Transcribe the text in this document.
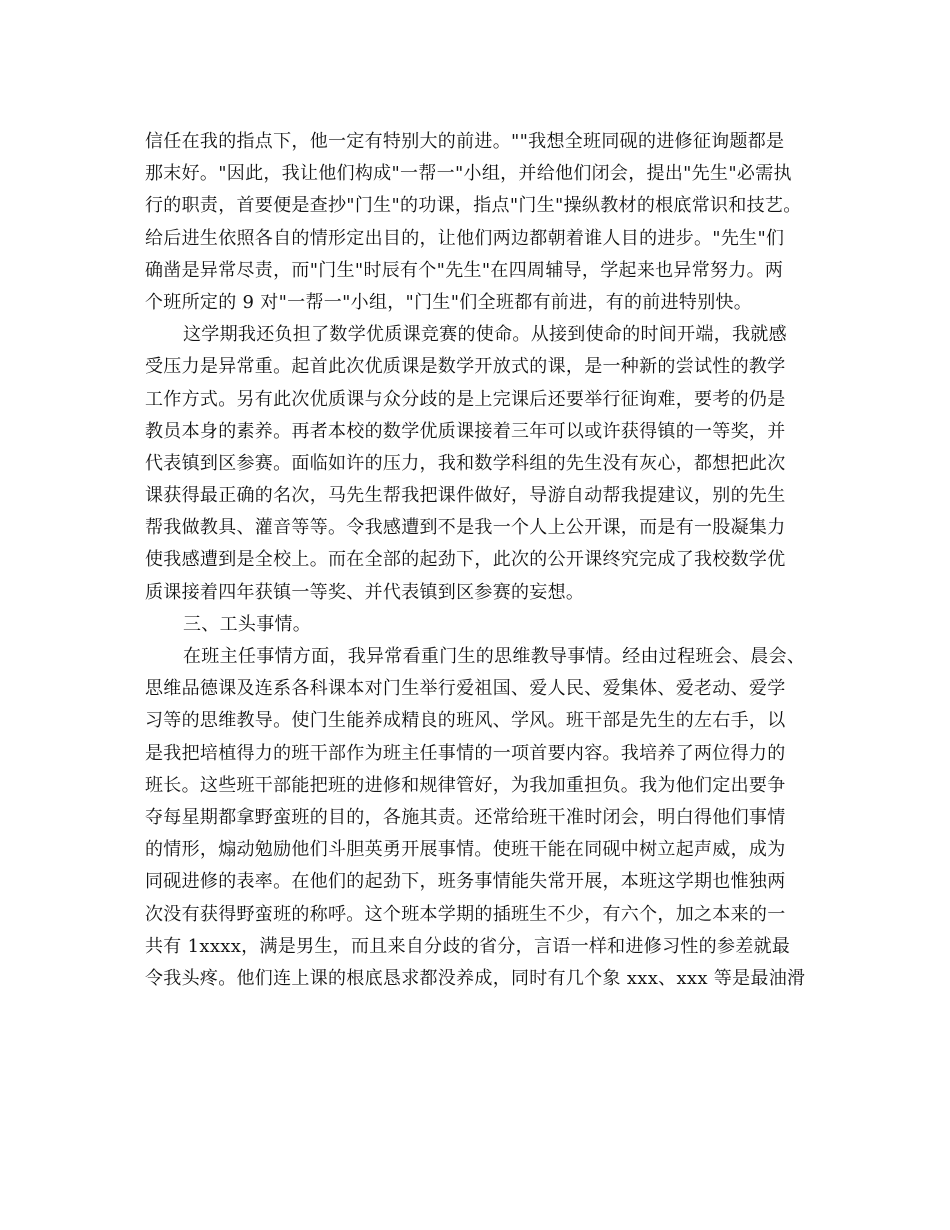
信任在我的指点下，他一定有特别大的前进。""我想全班同砚的进修征询题都是
那末好。"因此，我让他们构成"一帮一"小组，并给他们闭会，提出"先生"必需执
行的职责，首要便是查抄"门生"的功课，指点"门生"操纵教材的根底常识和技艺。
给后进生依照各自的情形定出目的，让他们两边都朝着谁人目的进步。"先生"们
确凿是异常尽责，而"门生"时辰有个"先生"在四周辅导，学起来也异常努力。两
个班所定的 9 对"一帮一"小组，"门生"们全班都有前进，有的前进特别快。
这学期我还负担了数学优质课竞赛的使命。从接到使命的时间开端，我就感
受压力是异常重。起首此次优质课是数学开放式的课，是一种新的尝试性的教学
工作方式。另有此次优质课与众分歧的是上完课后还要举行征询难，要考的仍是
教员本身的素养。再者本校的数学优质课接着三年可以或许获得镇的一等奖，并
代表镇到区参赛。面临如许的压力，我和数学科组的先生没有灰心，都想把此次
课获得最正确的名次，马先生帮我把课件做好，导游自动帮我提建议，别的先生
帮我做教具、灌音等等。令我感遭到不是我一个人上公开课，而是有一股凝集力
使我感遭到是全校上。而在全部的起劲下，此次的公开课终究完成了我校数学优
质课接着四年获镇一等奖、并代表镇到区参赛的妄想。
三、工头事情。
在班主任事情方面，我异常看重门生的思维教导事情。经由过程班会、晨会、
思维品德课及连系各科课本对门生举行爱祖国、爱人民、爱集体、爱老动、爱学
习等的思维教导。使门生能养成精良的班风、学风。班干部是先生的左右手，以
是我把培植得力的班干部作为班主任事情的一项首要内容。我培养了两位得力的
班长。这些班干部能把班的进修和规律管好，为我加重担负。我为他们定出要争
夺每星期都拿野蛮班的目的，各施其责。还常给班干准时闭会，明白得他们事情
的情形，煽动勉励他们斗胆英勇开展事情。使班干能在同砚中树立起声威，成为
同砚进修的表率。在他们的起劲下，班务事情能失常开展，本班这学期也惟独两
次没有获得野蛮班的称呼。这个班本学期的插班生不少，有六个，加之本来的一
共有 1xxxx，满是男生，而且来自分歧的省分，言语一样和进修习性的参差就最
令我头疼。他们连上课的根底恳求都没养成，同时有几个象 xxx、xxx 等是最油滑
